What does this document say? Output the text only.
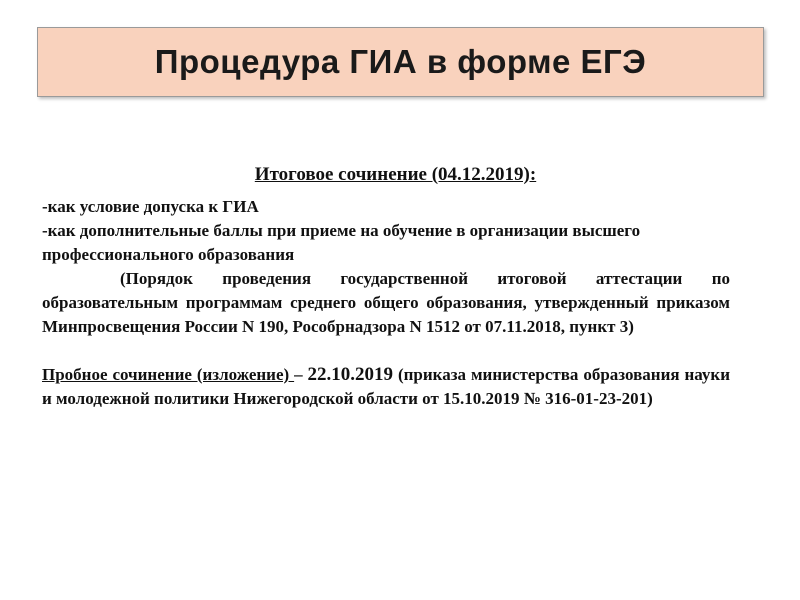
Процедура ГИА в форме ЕГЭ
Итоговое сочинение (04.12.2019):

-как условие допуска к ГИА

-как дополнительные баллы при приеме на обучение в организации высшего профессионального образования

(Порядок проведения государственной итоговой аттестации по образовательным программам среднего общего образования, утвержденный приказом Минпросвещения России N 190, Рособрнадзора N 1512 от 07.11.2018, пункт 3)

Пробное сочинение (изложение) – 22.10.2019 (приказа министерства образования науки и молодежной политики Нижегородской области от 15.10.2019 № 316-01-23-201)
